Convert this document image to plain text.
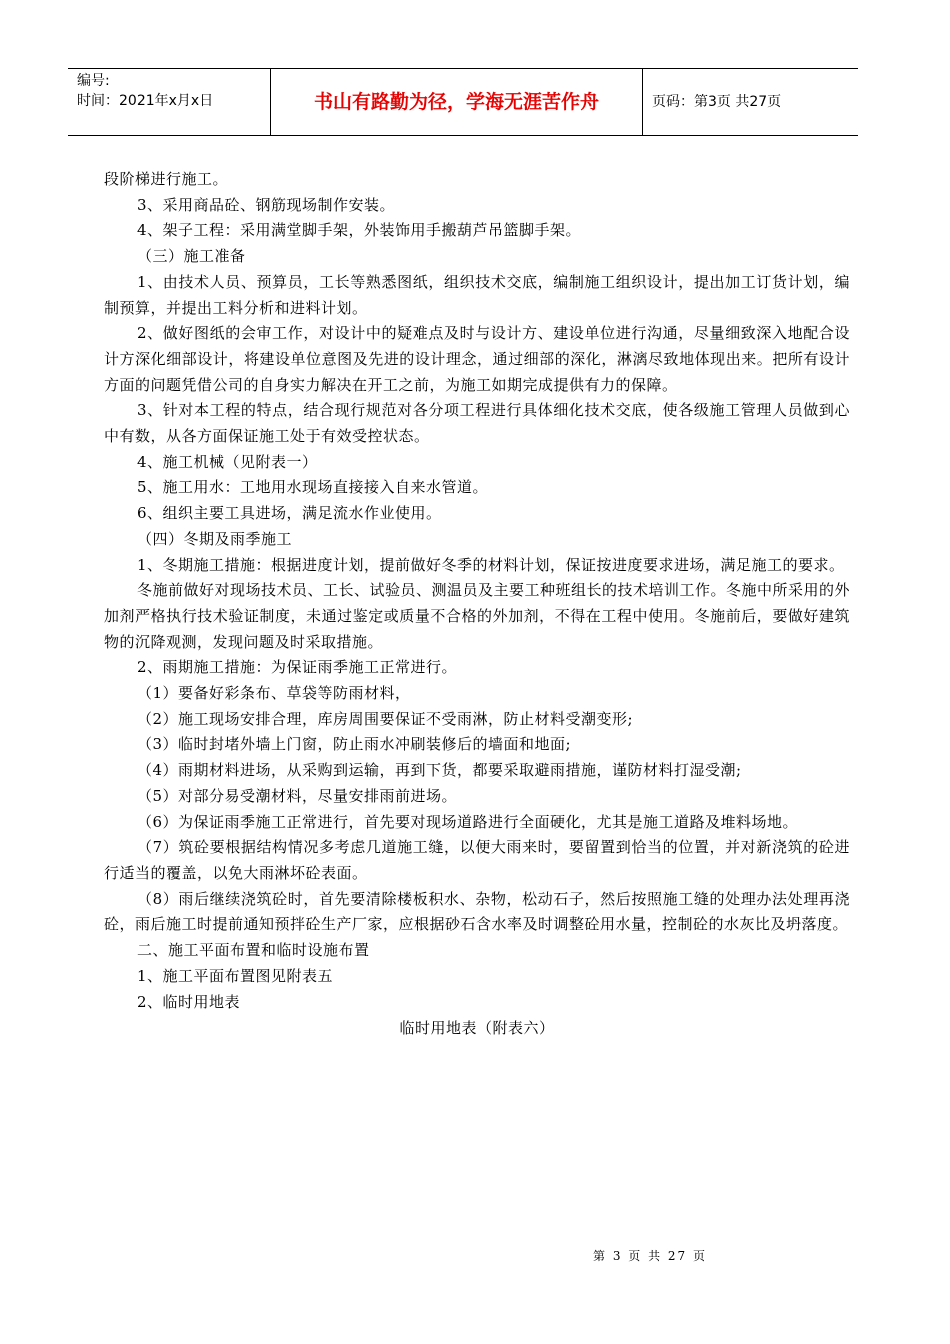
编号:
时间：2021年x月x日	书山有路勤为径，学海无涯苦作舟	页码：第3页 共27页

段阶梯进行施工。

3、采用商品砼、钢筋现场制作安装。

4、架子工程：采用满堂脚手架，外装饰用手搬葫芦吊篮脚手架。

（三）施工准备

1、由技术人员、预算员，工长等熟悉图纸，组织技术交底，编制施工组织设计，提出加工订货计划，编制预算，并提出工料分析和进料计划。

2、做好图纸的会审工作，对设计中的疑难点及时与设计方、建设单位进行沟通，尽量细致深入地配合设计方深化细部设计，将建设单位意图及先进的设计理念，通过细部的深化，淋漓尽致地体现出来。把所有设计方面的问题凭借公司的自身实力解决在开工之前，为施工如期完成提供有力的保障。

3、针对本工程的特点，结合现行规范对各分项工程进行具体细化技术交底，使各级施工管理人员做到心中有数，从各方面保证施工处于有效受控状态。

4、施工机械（见附表一）

5、施工用水：工地用水现场直接接入自来水管道。

6、组织主要工具进场，满足流水作业使用。

（四）冬期及雨季施工

1、冬期施工措施：根据进度计划，提前做好冬季的材料计划，保证按进度要求进场，满足施工的要求。

冬施前做好对现场技术员、工长、试验员、测温员及主要工种班组长的技术培训工作。冬施中所采用的外加剂严格执行技术验证制度，未通过鉴定或质量不合格的外加剂，不得在工程中使用。冬施前后，要做好建筑物的沉降观测，发现问题及时采取措施。

2、雨期施工措施：为保证雨季施工正常进行。

（1）要备好彩条布、草袋等防雨材料，

（2）施工现场安排合理，库房周围要保证不受雨淋，防止材料受潮变形;

（3）临时封堵外墙上门窗，防止雨水冲刷装修后的墙面和地面;

（4）雨期材料进场，从采购到运输，再到下货，都要采取避雨措施，谨防材料打湿受潮;

（5）对部分易受潮材料，尽量安排雨前进场。

（6）为保证雨季施工正常进行，首先要对现场道路进行全面硬化，尤其是施工道路及堆料场地。

（7）筑砼要根据结构情况多考虑几道施工缝，以便大雨来时，要留置到恰当的位置，并对新浇筑的砼进行适当的覆盖，以免大雨淋坏砼表面。

（8）雨后继续浇筑砼时，首先要清除楼板积水、杂物，松动石子，然后按照施工缝的处理办法处理再浇砼，雨后施工时提前通知预拌砼生产厂家，应根据砂石含水率及时调整砼用水量，控制砼的水灰比及坍落度。

二、施工平面布置和临时设施布置

1、施工平面布置图见附表五

2、临时用地表

临时用地表（附表六）

第 3 页 共 27 页
